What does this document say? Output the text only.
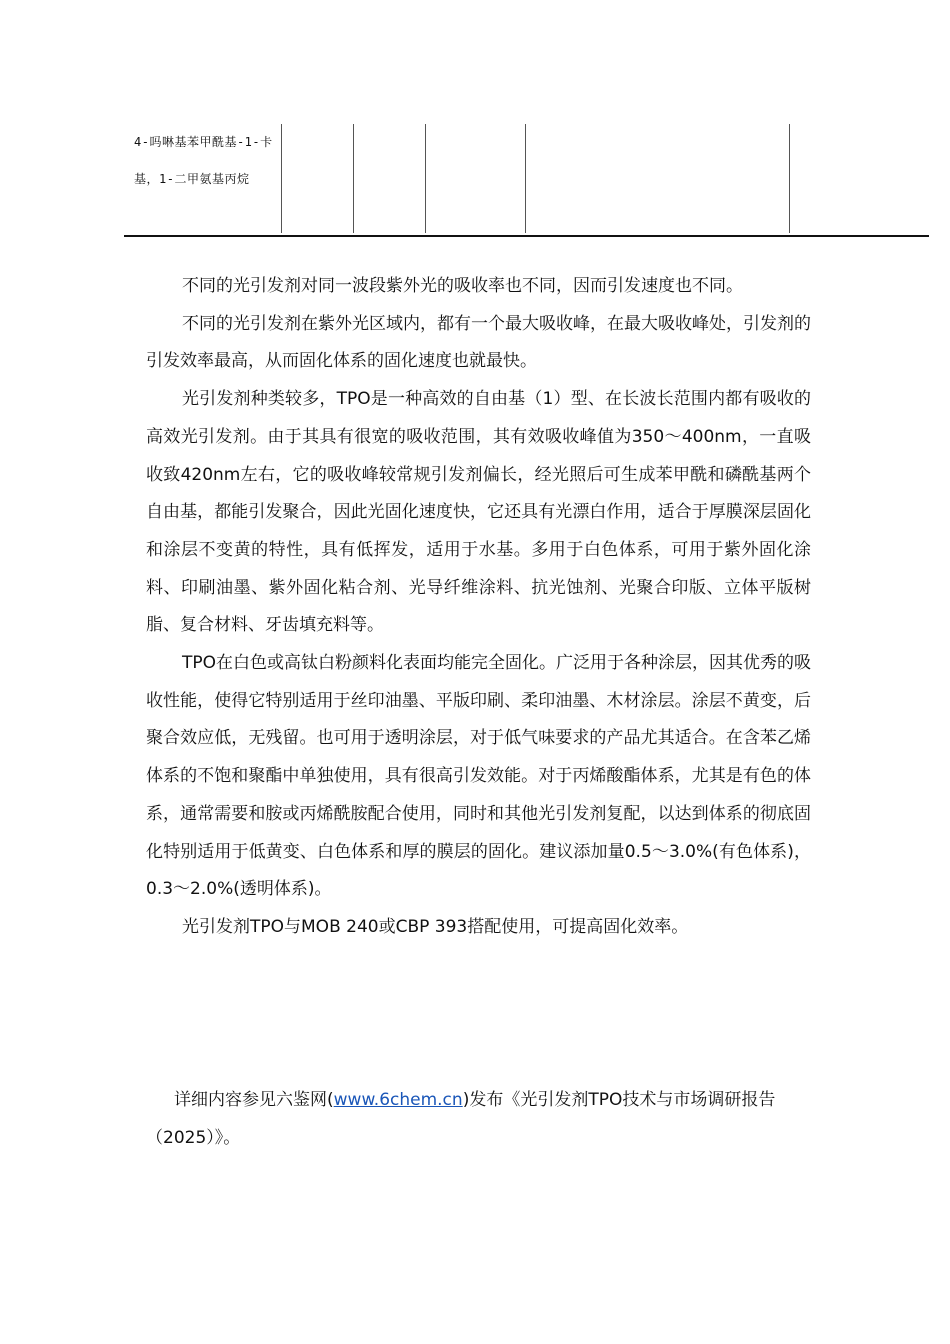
4-吗啉基苯甲酰基-1-卡基，1-二甲氨基丙烷

不同的光引发剂对同一波段紫外光的吸收率也不同，因而引发速度也不同。

不同的光引发剂在紫外光区域内，都有一个最大吸收峰，在最大吸收峰处，引发剂的引发效率最高，从而固化体系的固化速度也就最快。

光引发剂种类较多，TPO是一种高效的自由基（1）型、在长波长范围内都有吸收的高效光引发剂。由于其具有很宽的吸收范围，其有效吸收峰值为350～400nm，一直吸收致420nm左右，它的吸收峰较常规引发剂偏长，经光照后可生成苯甲酰和磷酰基两个自由基，都能引发聚合，因此光固化速度快，它还具有光漂白作用，适合于厚膜深层固化和涂层不变黄的特性，具有低挥发，适用于水基。多用于白色体系，可用于紫外固化涂料、印刷油墨、紫外固化粘合剂、光导纤维涂料、抗光蚀剂、光聚合印版、立体平版树脂、复合材料、牙齿填充料等。

TPO在白色或高钛白粉颜料化表面均能完全固化。广泛用于各种涂层，因其优秀的吸收性能，使得它特别适用于丝印油墨、平版印刷、柔印油墨、木材涂层。涂层不黄变，后聚合效应低，无残留。也可用于透明涂层，对于低气味要求的产品尤其适合。在含苯乙烯体系的不饱和聚酯中单独使用，具有很高引发效能。对于丙烯酸酯体系，尤其是有色的体系，通常需要和胺或丙烯酰胺配合使用，同时和其他光引发剂复配，以达到体系的彻底固化特别适用于低黄变、白色体系和厚的膜层的固化。建议添加量0.5～3.0%(有色体系)，0.3～2.0%(透明体系)。

光引发剂TPO与MOB 240或CBP 393搭配使用，可提高固化效率。

详细内容参见六鉴网(www.6chem.cn)发布《光引发剂TPO技术与市场调研报告（2025）》。
